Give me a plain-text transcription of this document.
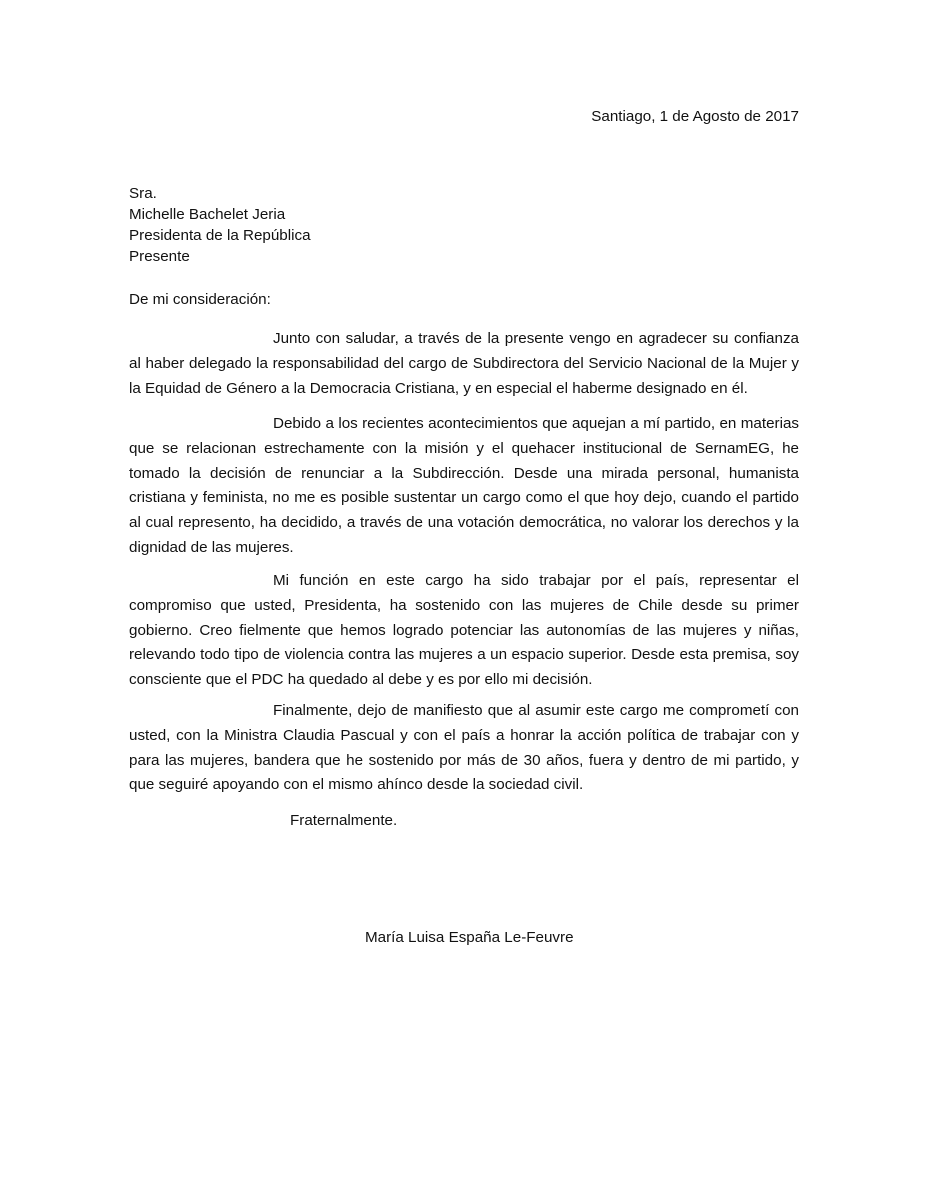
Santiago, 1 de Agosto de 2017
Sra.
Michelle Bachelet Jeria
Presidenta de la República
Presente
De mi consideración:
Junto con saludar, a través de la presente vengo en agradecer su confianza al haber delegado la responsabilidad del cargo de Subdirectora del Servicio Nacional de la Mujer y la Equidad de Género a la Democracia Cristiana, y en especial el haberme designado en él.
Debido a los recientes acontecimientos que aquejan a mí partido, en materias que se relacionan estrechamente con la misión y el quehacer institucional de SernamEG, he tomado la decisión de renunciar a la Subdirección. Desde una mirada personal, humanista cristiana y feminista, no me es posible sustentar un cargo como el que hoy dejo, cuando el partido al cual represento, ha decidido, a través de una votación democrática, no valorar los derechos y la dignidad de las mujeres.
Mi función en este cargo ha sido trabajar por el país, representar el compromiso que usted, Presidenta, ha sostenido con las mujeres de Chile desde su primer gobierno. Creo fielmente que hemos logrado potenciar las autonomías de las mujeres y niñas, relevando todo tipo de violencia contra las mujeres a un espacio superior. Desde esta premisa, soy consciente que el PDC ha quedado al debe y es por ello mi decisión.
Finalmente, dejo de manifiesto que al asumir este cargo me comprometí con usted, con la Ministra Claudia Pascual y con el país a honrar la acción política de trabajar con y para las mujeres, bandera que he sostenido por más de 30 años, fuera y dentro de mi partido, y que seguiré apoyando con el mismo ahínco desde la sociedad civil.
Fraternalmente.
María Luisa España Le-Feuvre
